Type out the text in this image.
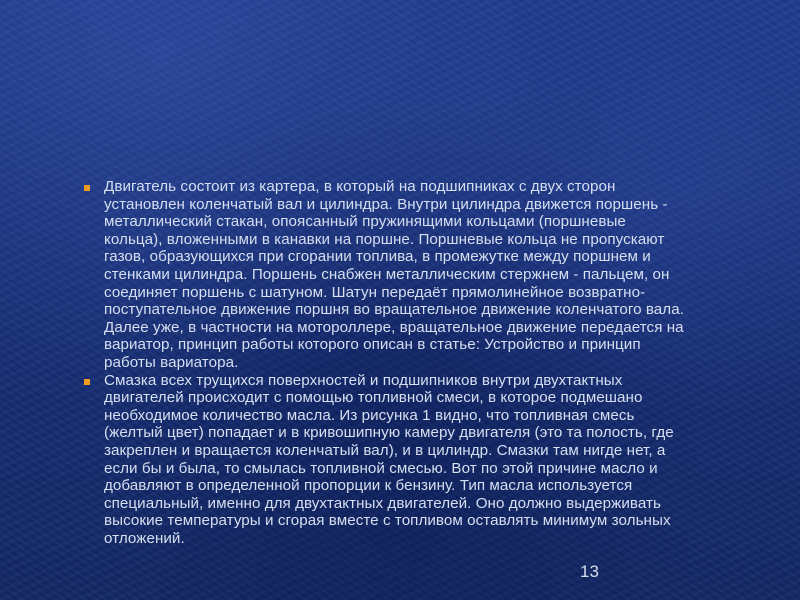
Двигатель состоит из картера, в который на подшипниках с двух сторон
установлен коленчатый вал и цилиндра. Внутри цилиндра движется поршень -
металлический стакан, опоясанный пружинящими кольцами (поршневые
кольца), вложенными в канавки на поршне. Поршневые кольца не пропускают
газов, образующихся при сгорании топлива, в промежутке между поршнем и
стенками цилиндра. Поршень снабжен металлическим стержнем - пальцем, он
соединяет поршень с шатуном. Шатун передаёт прямолинейное возвратно-
поступательное движение поршня во вращательное движение коленчатого вала.
Далее уже, в частности на мотороллере, вращательное движение передается на
вариатор, принцип работы которого описан в статье: Устройство и принцип
работы вариатора.

Смазка всех трущихся поверхностей и подшипников внутри двухтактных
двигателей происходит с помощью топливной смеси, в которое подмешано
необходимое количество масла. Из рисунка 1 видно, что топливная смесь
(желтый цвет) попадает и в кривошипную камеру двигателя (это та полость, где
закреплен и вращается коленчатый вал), и в цилиндр. Смазки там нигде нет, а
если бы и была, то смылась топливной смесью. Вот по этой причине масло и
добавляют в определенной пропорции к бензину. Тип масла используется
специальный, именно для двухтактных двигателей. Оно должно выдерживать
высокие температуры и сгорая вместе с топливом оставлять минимум зольных
отложений.

13
